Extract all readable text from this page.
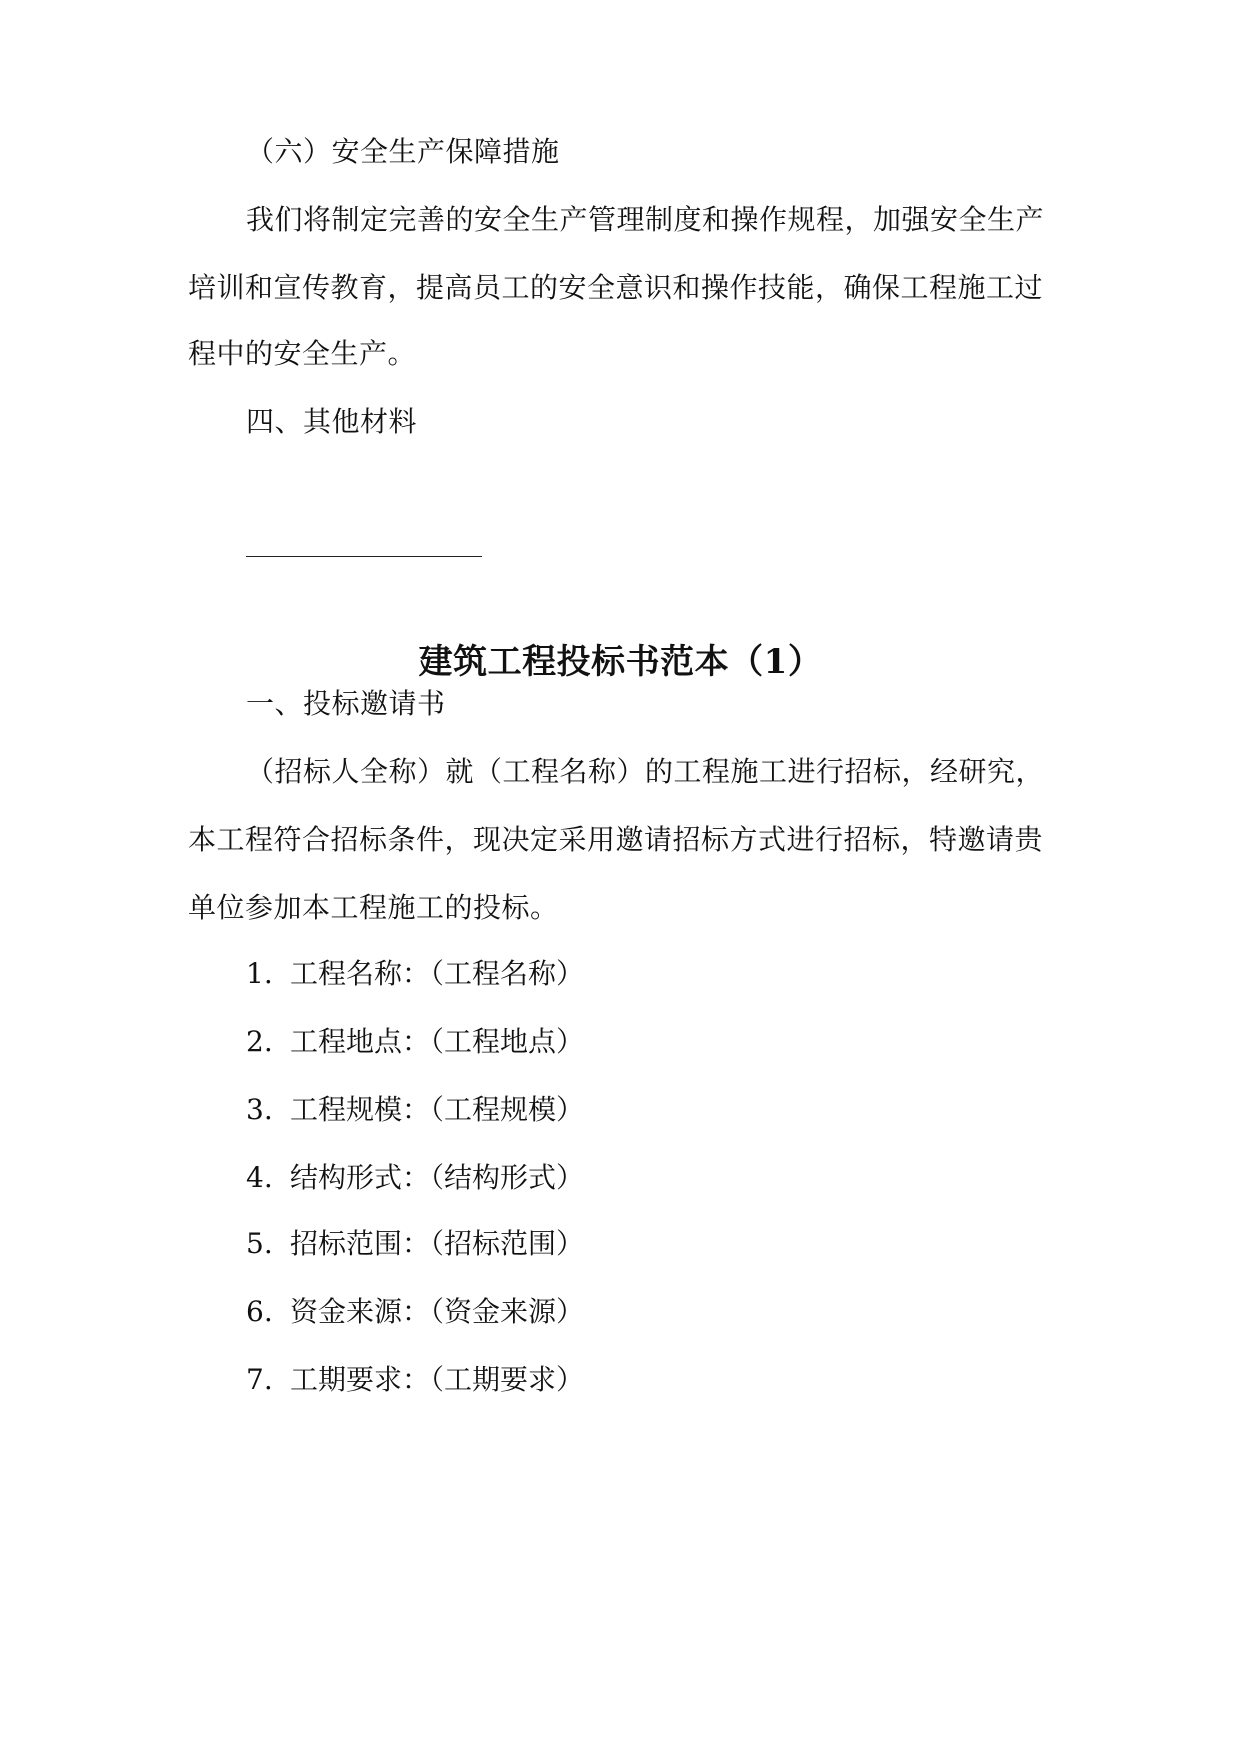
（六）安全生产保障措施
我们将制定完善的安全生产管理制度和操作规程，加强安全生产
培训和宣传教育，提高员工的安全意识和操作技能，确保工程施工过
程中的安全生产。
四、其他材料
建筑工程投标书范本（1）
一、投标邀请书
（招标人全称）就（工程名称）的工程施工进行招标，经研究，
本工程符合招标条件，现决定采用邀请招标方式进行招标，特邀请贵
单位参加本工程施工的投标。
1. 工程名称：（工程名称）
2. 工程地点：（工程地点）
3. 工程规模：（工程规模）
4. 结构形式：（结构形式）
5. 招标范围：（招标范围）
6. 资金来源：（资金来源）
7. 工期要求：（工期要求）
